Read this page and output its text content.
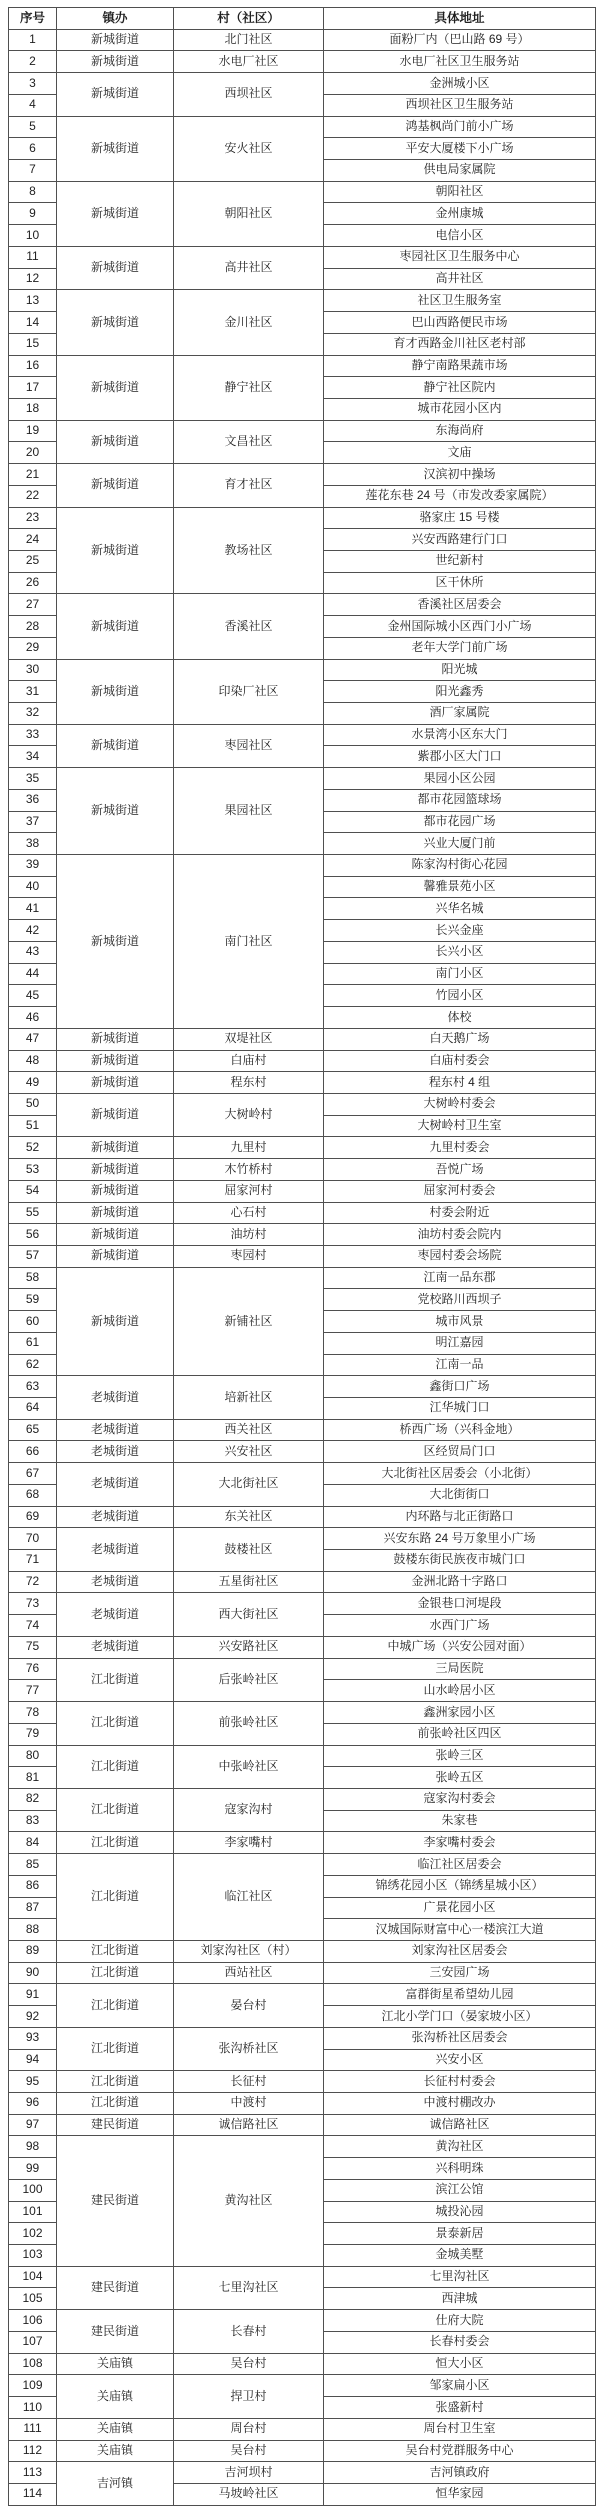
序号	镇办	村（社区）	具体地址
1	新城街道	北门社区	面粉厂内（巴山路 69 号）
2	新城街道	水电厂社区	水电厂社区卫生服务站
3	新城街道	西坝社区	金洲城小区
4			西坝社区卫生服务站
5	新城街道	安火社区	鸿基枫尚门前小广场
6			平安大厦楼下小广场
7			供电局家属院
8	新城街道	朝阳社区	朝阳社区
9			金州康城
10			电信小区
11	新城街道	高井社区	枣园社区卫生服务中心
12			高井社区
13	新城街道	金川社区	社区卫生服务室
14			巴山西路便民市场
15			育才西路金川社区老村部
16	新城街道	静宁社区	静宁南路果蔬市场
17			静宁社区院内
18			城市花园小区内
19	新城街道	文昌社区	东海尚府
20			文庙
21	新城街道	育才社区	汉滨初中操场
22			莲花东巷 24 号（市发改委家属院）
23	新城街道	教场社区	骆家庄 15 号楼
24			兴安西路建行门口
25			世纪新村
26			区干休所
27	新城街道	香溪社区	香溪社区居委会
28			金州国际城小区西门小广场
29			老年大学门前广场
30	新城街道	印染厂社区	阳光城
31			阳光鑫秀
32			酒厂家属院
33	新城街道	枣园社区	水景湾小区东大门
34			紫郡小区大门口
35	新城街道	果园社区	果园小区公园
36			都市花园篮球场
37			都市花园广场
38			兴业大厦门前
39	新城街道	南门社区	陈家沟村街心花园
40			馨雅景苑小区
41			兴华名城
42			长兴金座
43			长兴小区
44			南门小区
45			竹园小区
46			体校
47	新城街道	双堤社区	白天鹅广场
48	新城街道	白庙村	白庙村委会
49	新城街道	程东村	程东村 4 组
50	新城街道	大树岭村	大树岭村委会
51			大树岭村卫生室
52	新城街道	九里村	九里村委会
53	新城街道	木竹桥村	吾悦广场
54	新城街道	屈家河村	屈家河村委会
55	新城街道	心石村	村委会附近
56	新城街道	油坊村	油坊村委会院内
57	新城街道	枣园村	枣园村委会场院
58	新城街道	新铺社区	江南一品东郡
59			党校路川西坝子
60			城市风景
61			明江嘉园
62			江南一品
63	老城街道	培新社区	鑫街口广场
64			江华城门口
65	老城街道	西关社区	桥西广场（兴科金地）
66	老城街道	兴安社区	区经贸局门口
67	老城街道	大北街社区	大北街社区居委会（小北街）
68			大北街街口
69	老城街道	东关社区	内环路与北正街路口
70	老城街道	鼓楼社区	兴安东路 24 号万象里小广场
71			鼓楼东街民族夜市城门口
72	老城街道	五星街社区	金洲北路十字路口
73	老城街道	西大街社区	金银巷口河堤段
74			水西门广场
75	老城街道	兴安路社区	中城广场（兴安公园对面）
76	江北街道	后张岭社区	三局医院
77			山水岭居小区
78	江北街道	前张岭社区	鑫洲家园小区
79			前张岭社区四区
80	江北街道	中张岭社区	张岭三区
81			张岭五区
82	江北街道	寇家沟村	寇家沟村委会
83			朱家巷
84	江北街道	李家嘴村	李家嘴村委会
85	江北街道	临江社区	临江社区居委会
86			锦绣花园小区（锦绣星城小区）
87			广景花园小区
88			汉城国际财富中心一楼滨江大道
89	江北街道	刘家沟社区（村）	刘家沟社区居委会
90	江北街道	西站社区	三安园广场
91	江北街道	晏台村	富群街星希望幼儿园
92			江北小学门口（晏家坡小区）
93	江北街道	张沟桥社区	张沟桥社区居委会
94			兴安小区
95	江北街道	长征村	长征村村委会
96	江北街道	中渡村	中渡村棚改办
97	建民街道	诚信路社区	诚信路社区
98	建民街道	黄沟社区	黄沟社区
99			兴科明珠
100			滨江公馆
101			城投沁园
102			景泰新居
103			金城美墅
104	建民街道	七里沟社区	七里沟社区
105			西津城
106	建民街道	长春村	仕府大院
107			长春村委会
108	关庙镇	吴台村	恒大小区
109	关庙镇	捍卫村	邹家扁小区
110			张盛新村
111	关庙镇	周台村	周台村卫生室
112	关庙镇	吴台村	吴台村党群服务中心
113	吉河镇	吉河坝村	吉河镇政府
114		马坡岭社区	恒华家园
